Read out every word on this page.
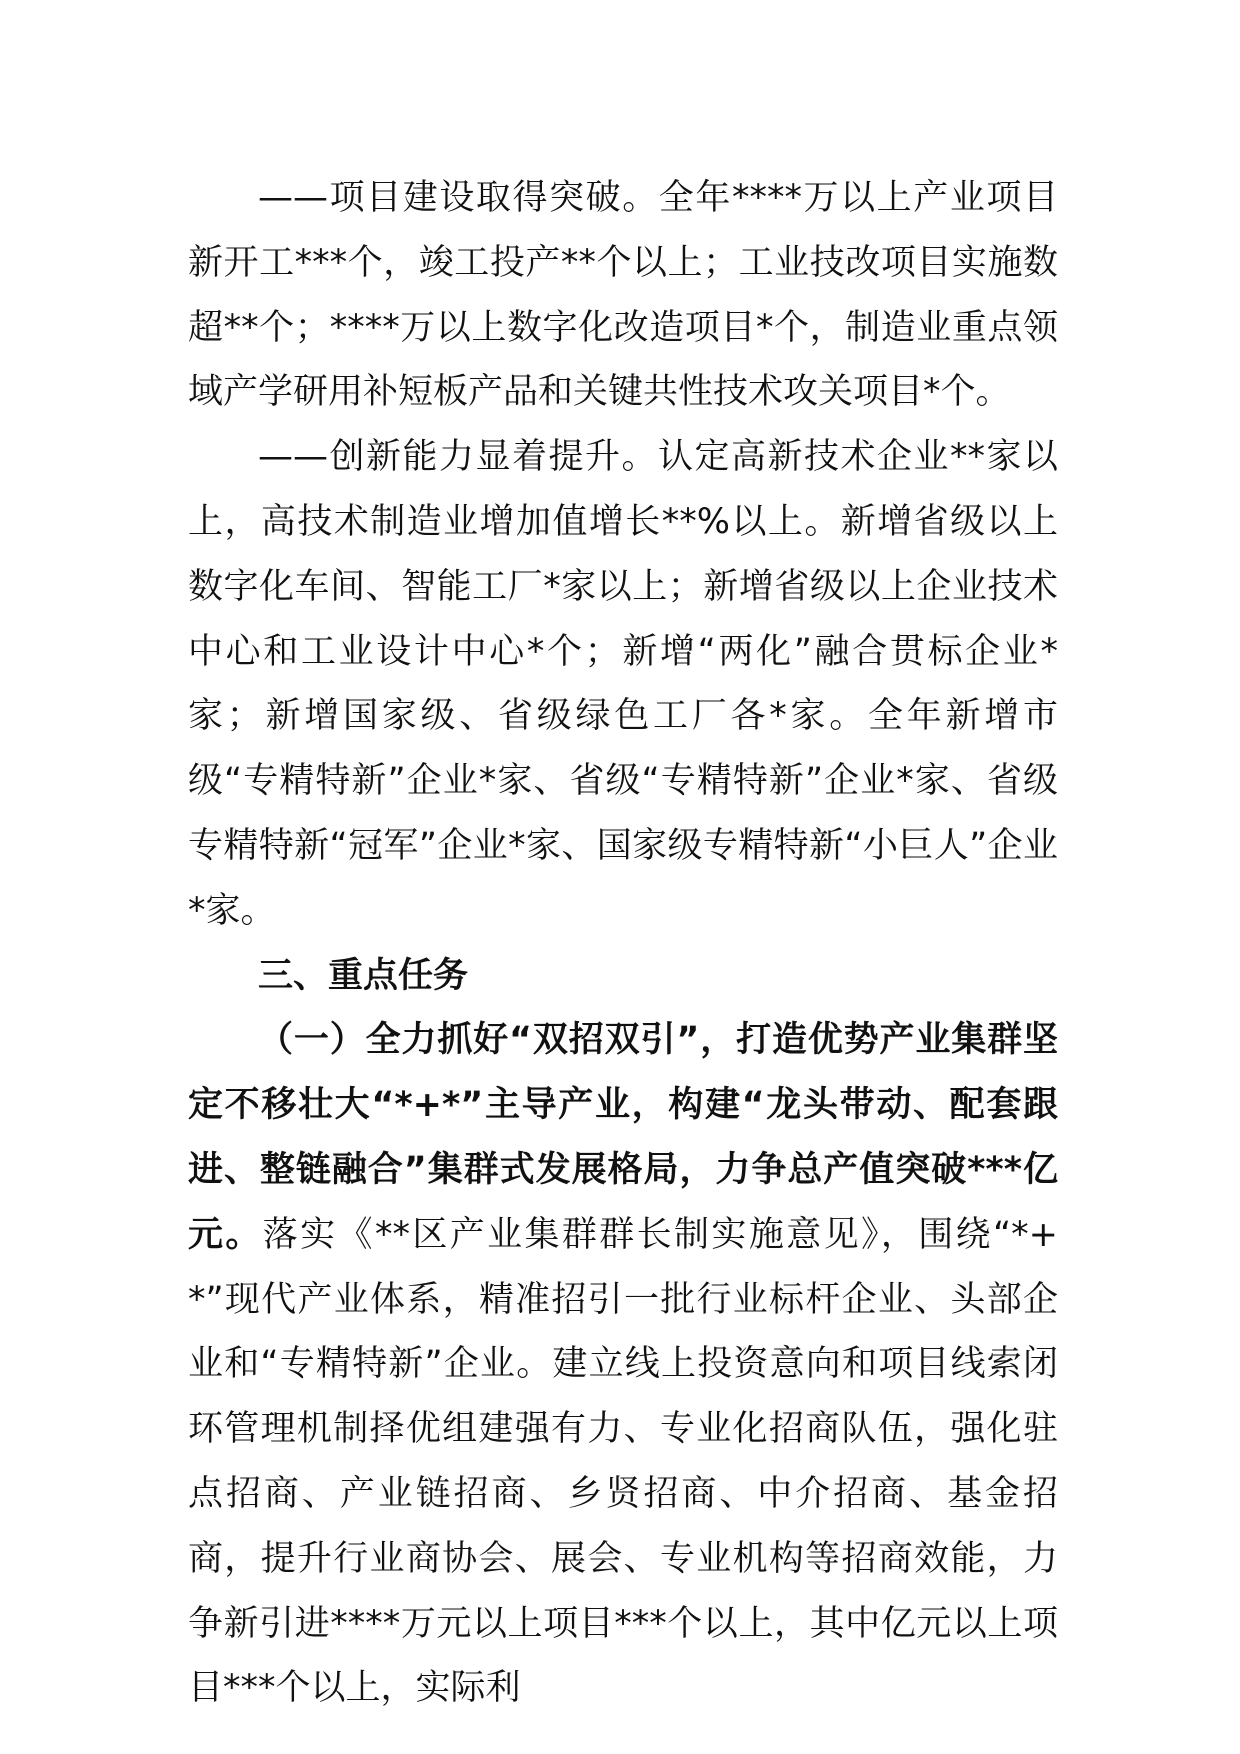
——项目建设取得突破。全年****万以上产业项目新开工***个，竣工投产**个以上；工业技改项目实施数超**个；****万以上数字化改造项目*个，制造业重点领域产学研用补短板产品和关键共性技术攻关项目*个。

——创新能力显着提升。认定高新技术企业**家以上，高技术制造业增加值增长**%以上。新增省级以上数字化车间、智能工厂*家以上；新增省级以上企业技术中心和工业设计中心*个；新增“两化”融合贯标企业*家；新增国家级、省级绿色工厂各*家。全年新增市级“专精特新”企业*家、省级“专精特新”企业*家、省级专精特新“冠军”企业*家、国家级专精特新“小巨人”企业*家。

三、重点任务

（一）全力抓好“双招双引”，打造优势产业集群坚定不移壮大“*+*”主导产业，构建“龙头带动、配套跟进、整链融合”集群式发展格局，力争总产值突破***亿元。落实《**区产业集群群长制实施意见》，围绕“*+*”现代产业体系，精准招引一批行业标杆企业、头部企业和“专精特新”企业。建立线上投资意向和项目线索闭环管理机制择优组建强有力、专业化招商队伍，强化驻点招商、产业链招商、乡贤招商、中介招商、基金招商，提升行业商协会、展会、专业机构等招商效能，力争新引进****万元以上项目***个以上，其中亿元以上项目***个以上，实际利
